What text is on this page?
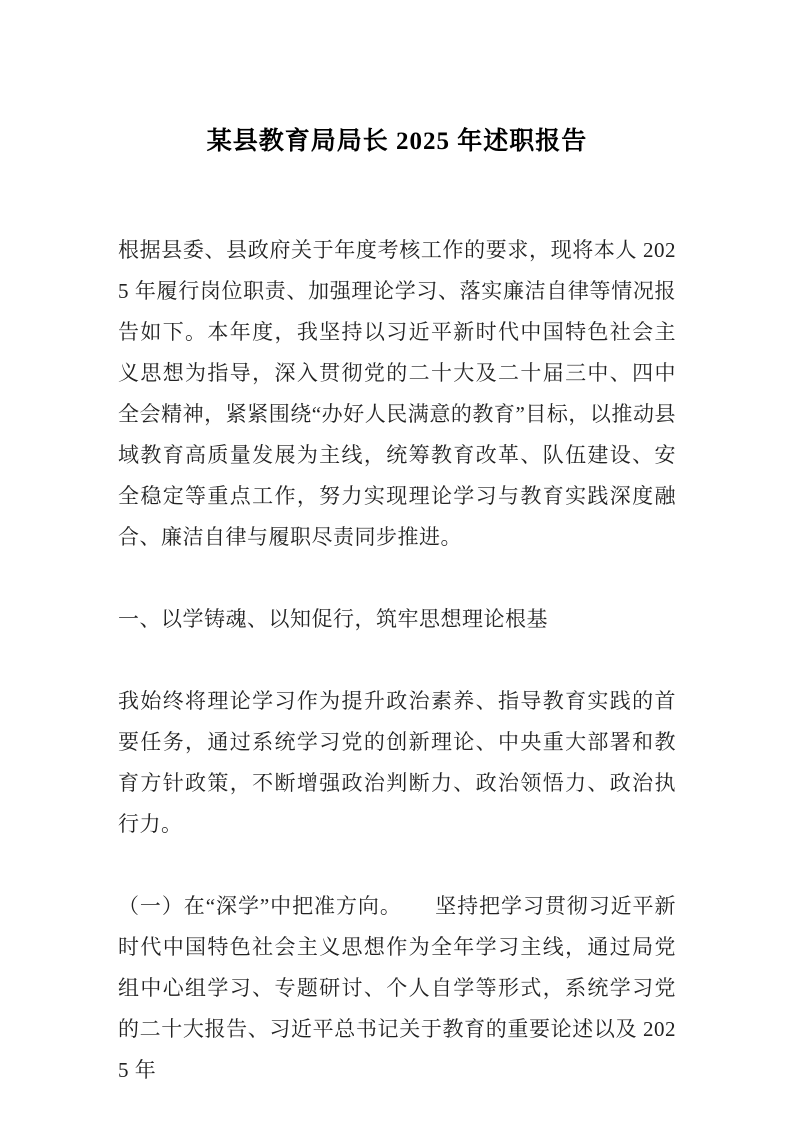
某县教育局局长 2025 年述职报告

根据县委、县政府关于年度考核工作的要求，现将本人 2025 年履行岗位职责、加强理论学习、落实廉洁自律等情况报告如下。本年度，我坚持以习近平新时代中国特色社会主义思想为指导，深入贯彻党的二十大及二十届三中、四中全会精神，紧紧围绕“办好人民满意的教育”目标，以推动县域教育高质量发展为主线，统筹教育改革、队伍建设、安全稳定等重点工作，努力实现理论学习与教育实践深度融合、廉洁自律与履职尽责同步推进。

一、以学铸魂、以知促行，筑牢思想理论根基

我始终将理论学习作为提升政治素养、指导教育实践的首要任务，通过系统学习党的创新理论、中央重大部署和教育方针政策，不断增强政治判断力、政治领悟力、政治执行力。

（一）在“深学”中把准方向。　　坚持把学习贯彻习近平新时代中国特色社会主义思想作为全年学习主线，通过局党组中心组学习、专题研讨、个人自学等形式，系统学习党的二十大报告、习近平总书记关于教育的重要论述以及 2025 年
